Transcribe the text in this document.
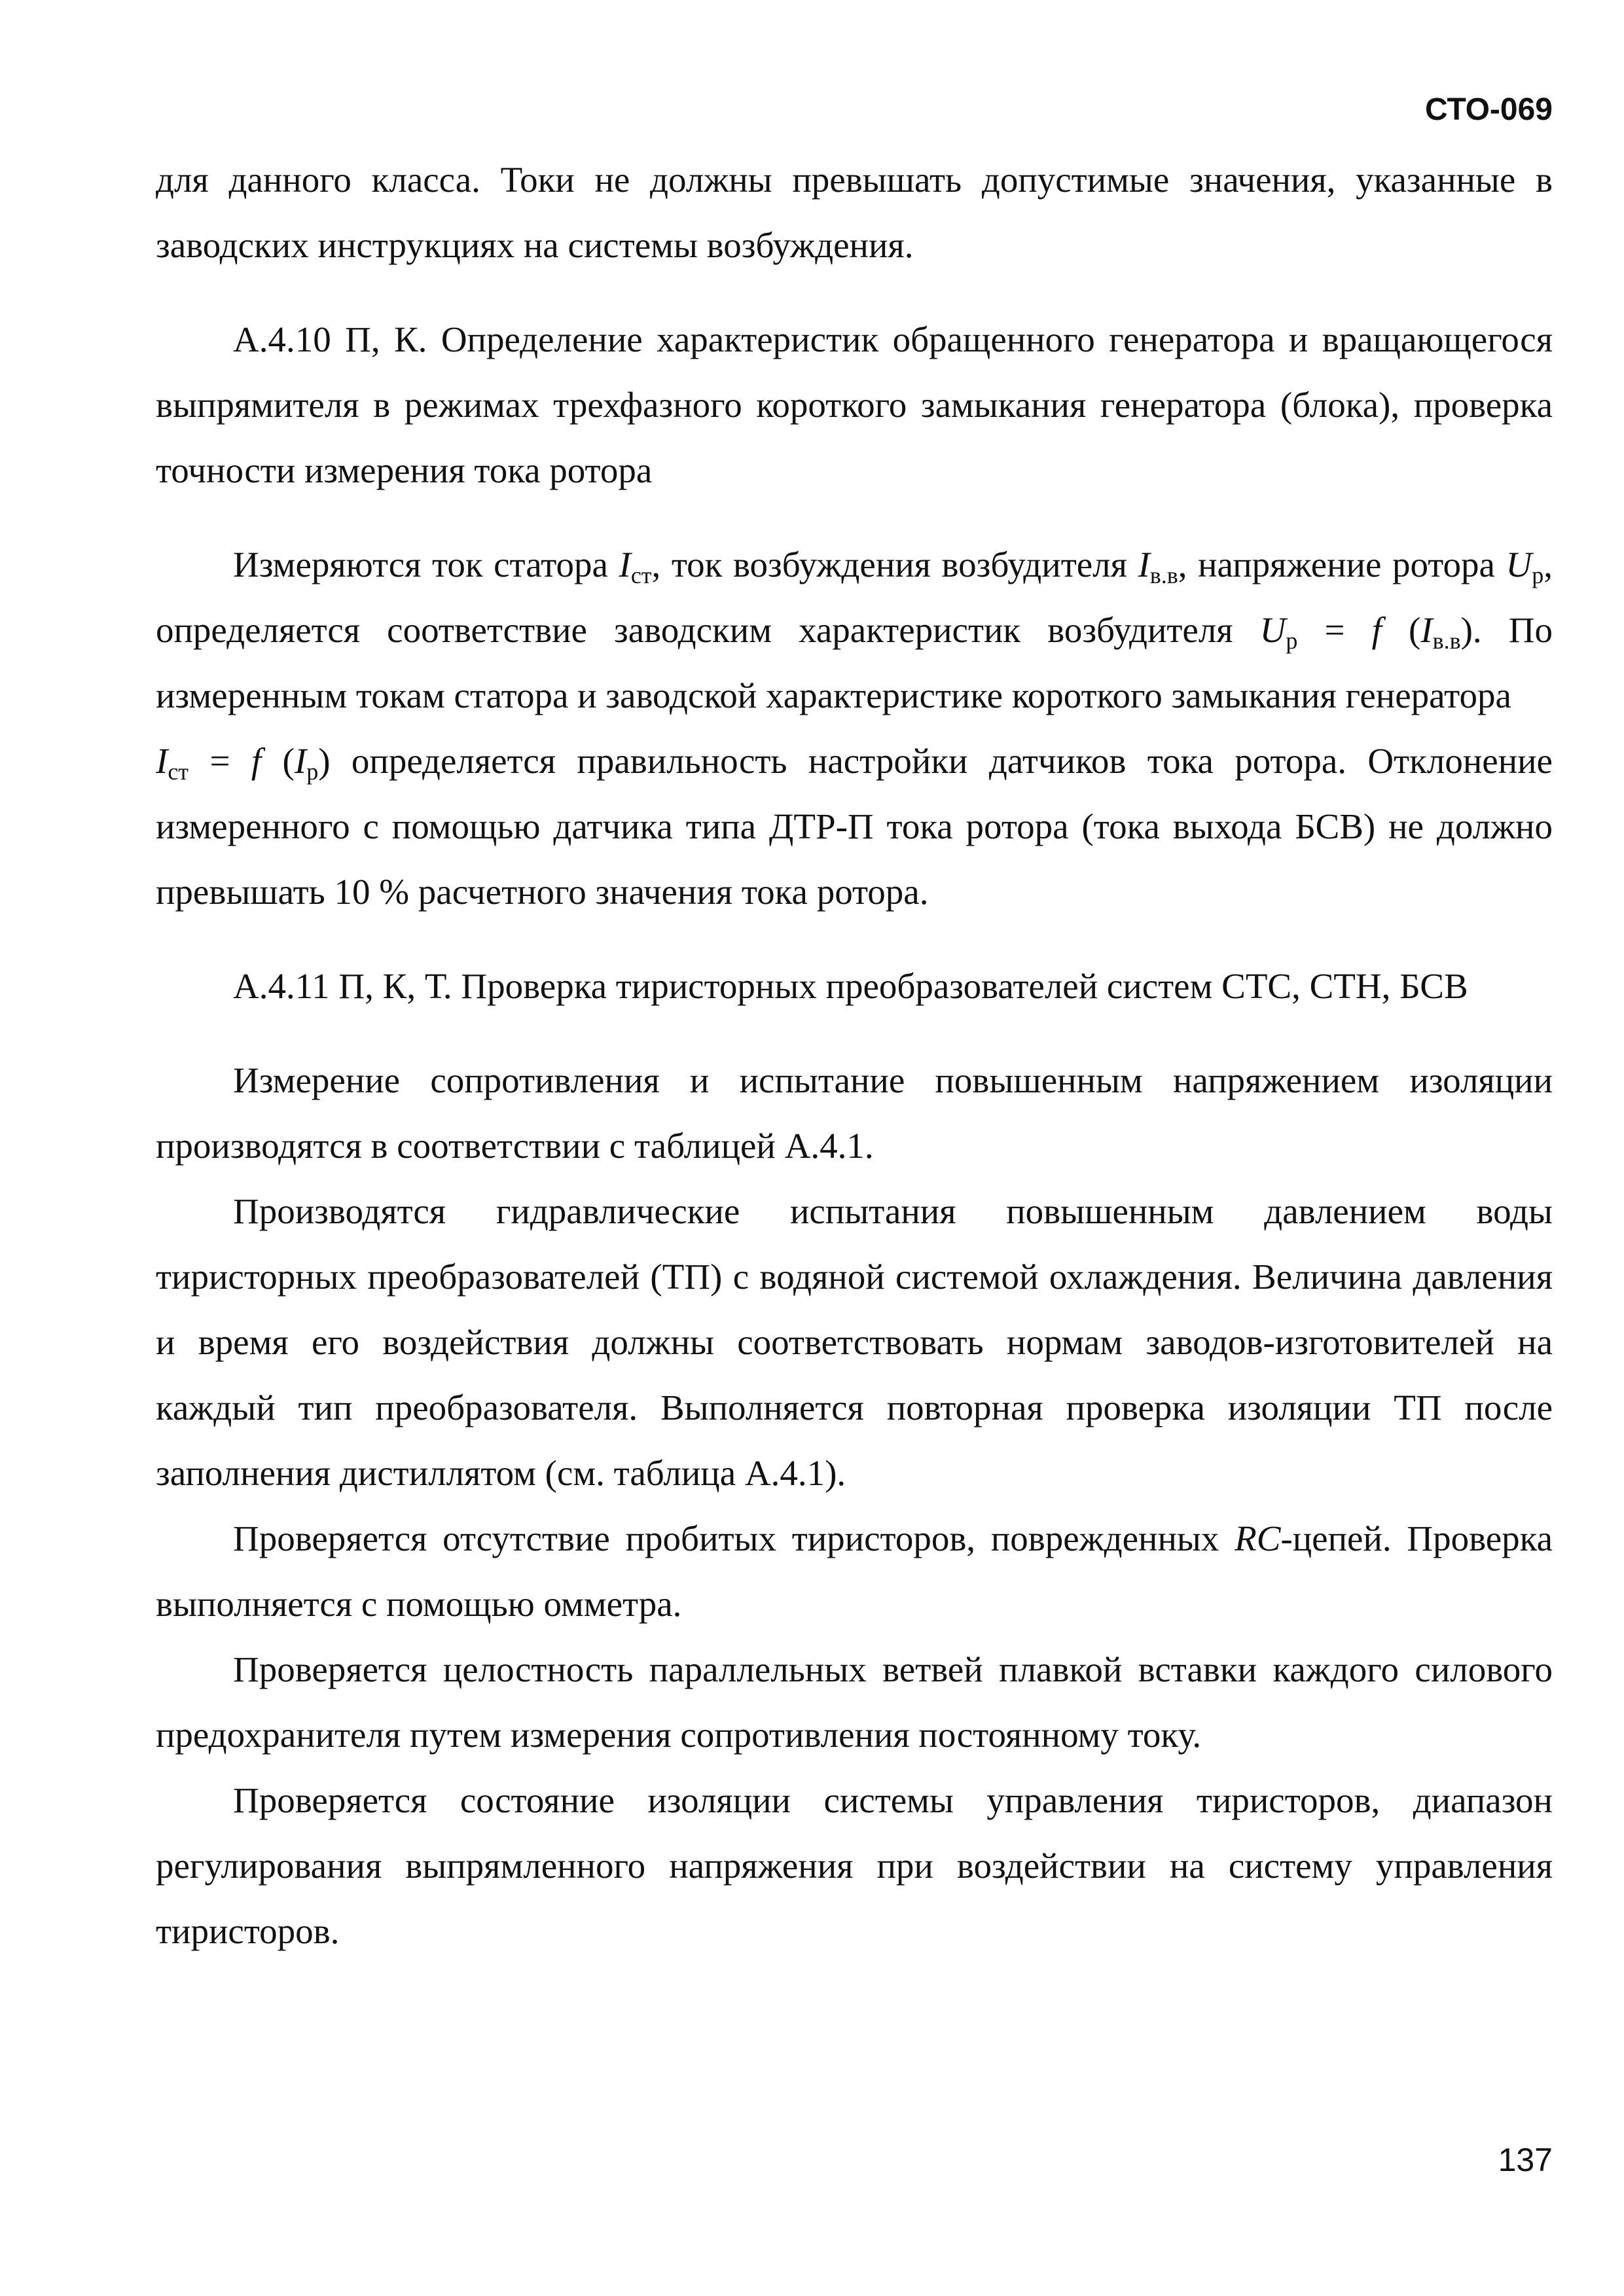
СТО-069

для данного класса. Токи не должны превышать допустимые значения, указанные в заводских инструкциях на системы возбуждения.

А.4.10 П, К. Определение характеристик обращенного генератора и вращающегося выпрямителя в режимах трехфазного короткого замыкания генератора (блока), проверка точности измерения тока ротора

Измеряются ток статора $I_{ст}$, ток возбуждения возбудителя $I_{в.в}$, напряжение ротора $U_р$, определяется соответствие заводским характеристик возбудителя $U_р = f$ $(I_{в.в})$. По измеренным токам статора и заводской характеристике короткого замыкания генератора

$I_{ст} = f$ $(I_р)$ определяется правильность настройки датчиков тока ротора. Отклонение измеренного с помощью датчика типа ДТР-П тока ротора (тока выхода БСВ) не должно превышать 10 % расчетного значения тока ротора.

А.4.11 П, К, Т. Проверка тиристорных преобразователей систем СТС, СТН, БСВ

Измерение сопротивления и испытание повышенным напряжением изоляции производятся в соответствии с таблицей А.4.1.

Производятся гидравлические испытания повышенным давлением воды тиристорных преобразователей (ТП) с водяной системой охлаждения. Величина давления и время его воздействия должны соответствовать нормам заводов-изготовителей на каждый тип преобразователя. Выполняется повторная проверка изоляции ТП после заполнения дистиллятом (см. таблица А.4.1).

Проверяется отсутствие пробитых тиристоров, поврежденных RC-цепей. Проверка выполняется с помощью омметра.

Проверяется целостность параллельных ветвей плавкой вставки каждого силового предохранителя путем измерения сопротивления постоянному току.

Проверяется состояние изоляции системы управления тиристоров, диапазон регулирования выпрямленного напряжения при воздействии на систему управления тиристоров.

137
